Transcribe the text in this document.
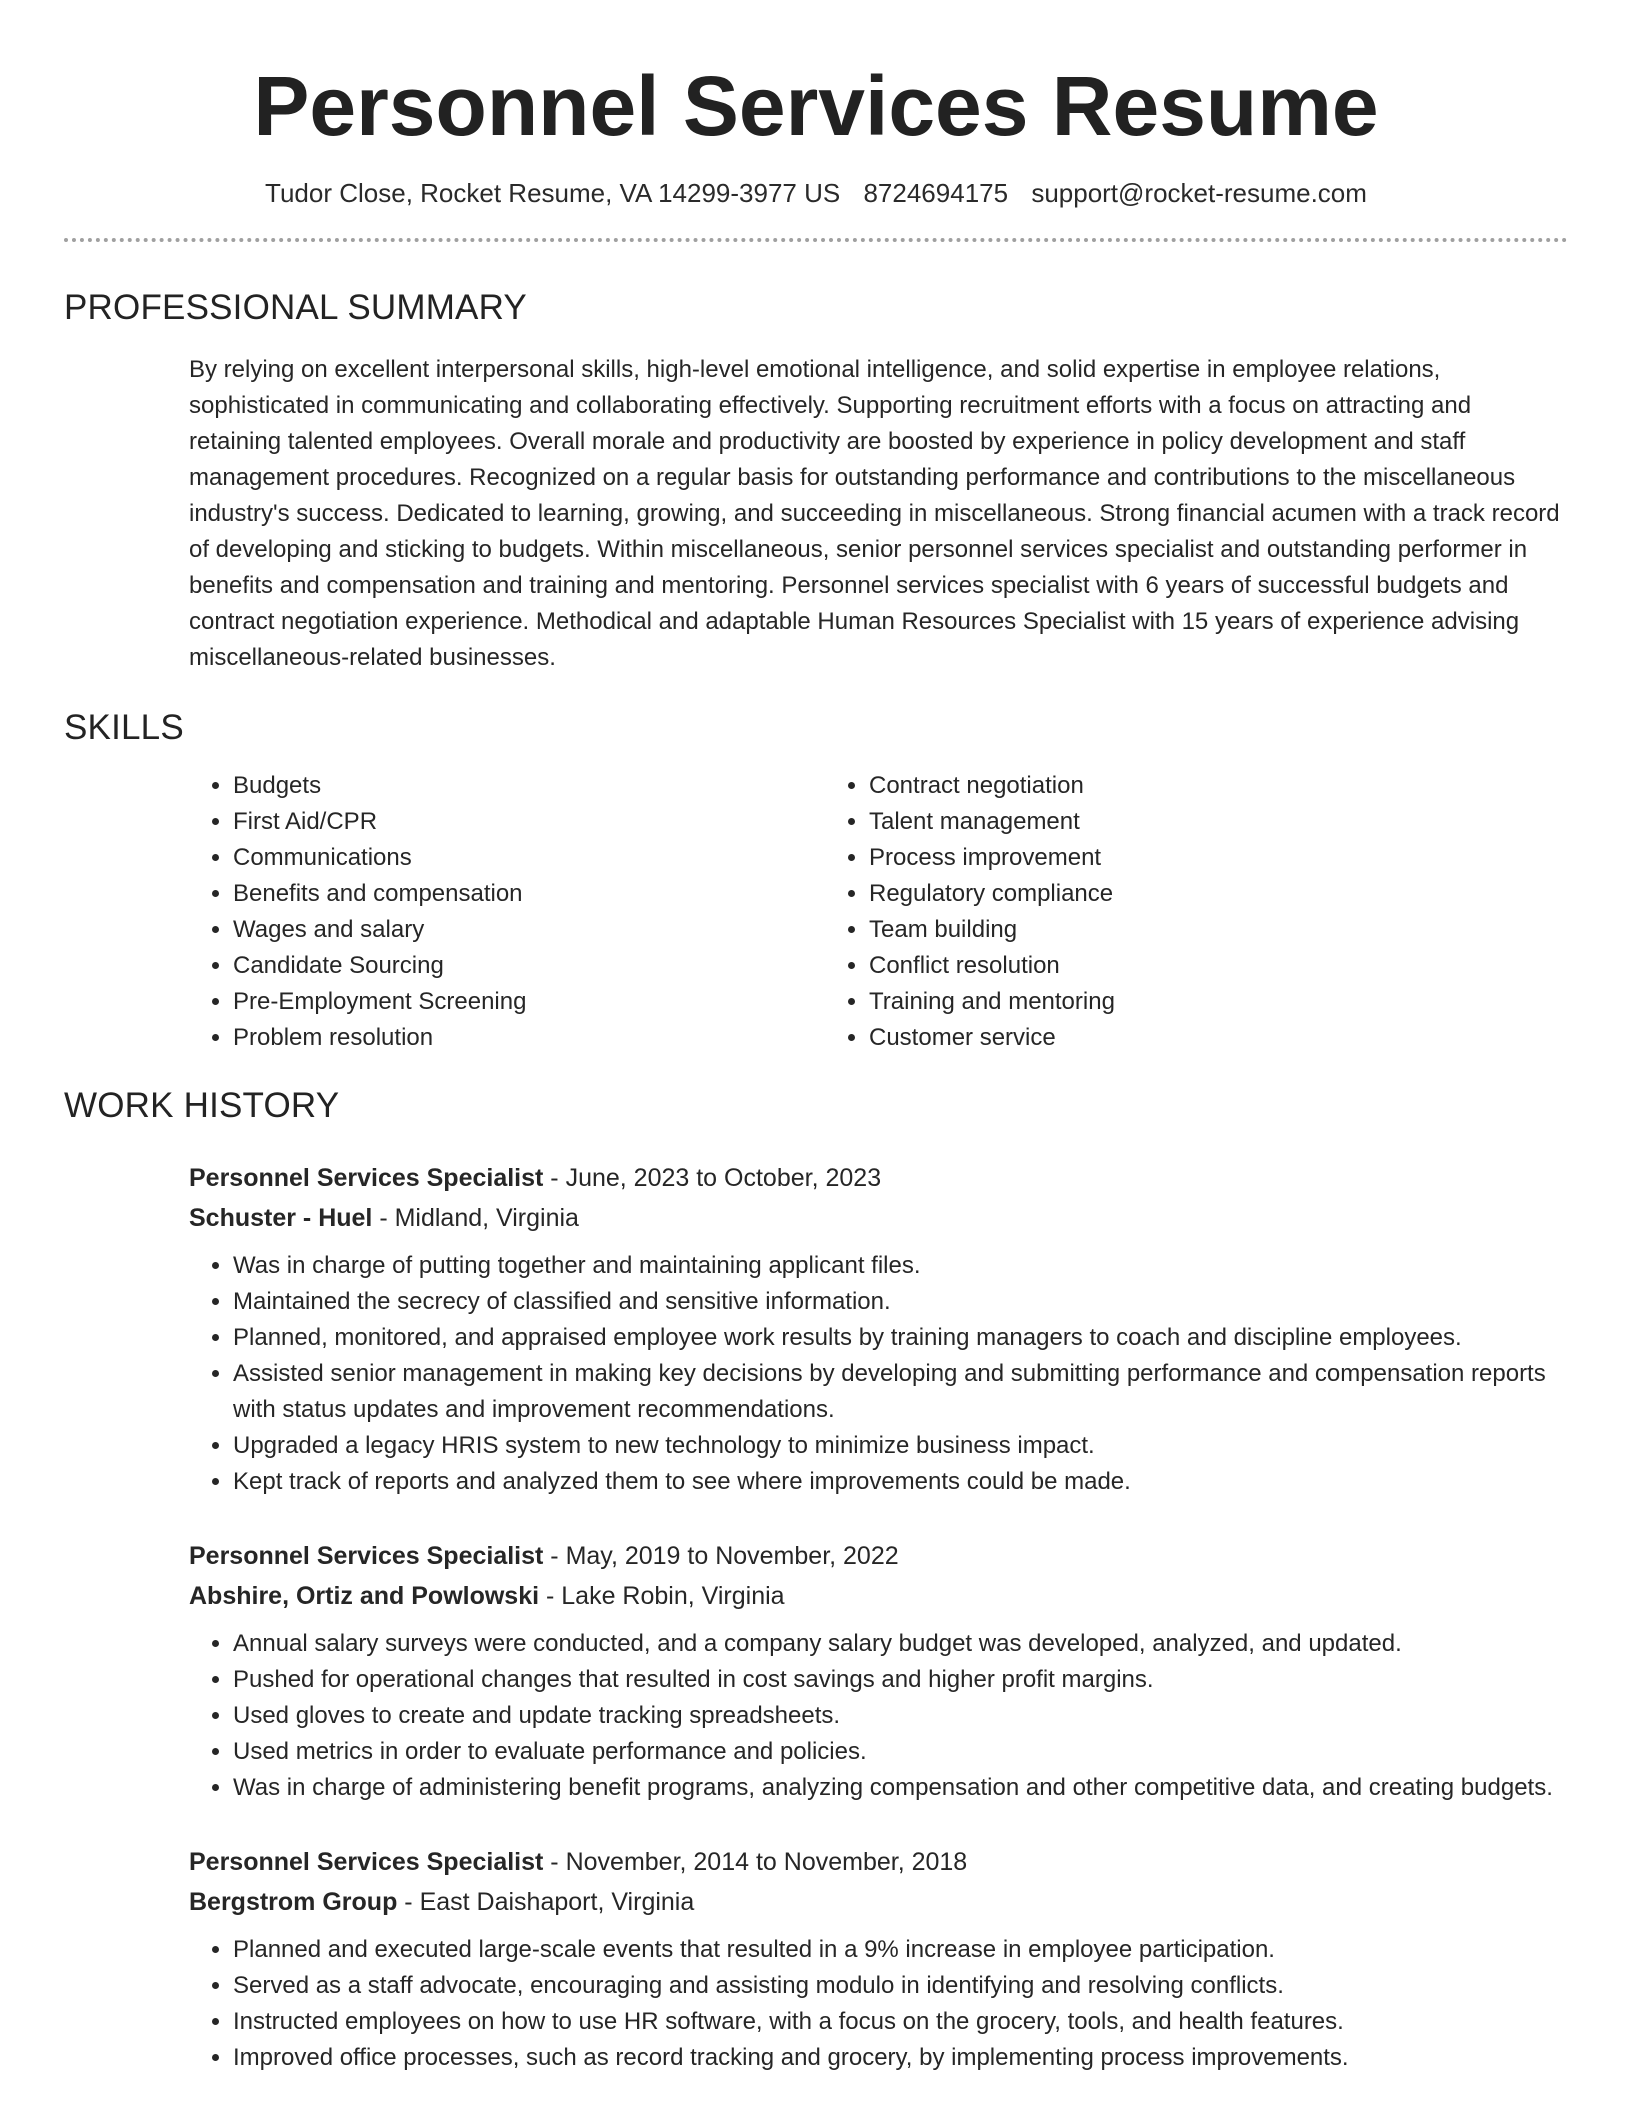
Personnel Services Resume
Tudor Close, Rocket Resume, VA 14299-3977 US 8724694175 support@rocket-resume.com
PROFESSIONAL SUMMARY
By relying on excellent interpersonal skills, high-level emotional intelligence, and solid expertise in employee relations, sophisticated in communicating and collaborating effectively. Supporting recruitment efforts with a focus on attracting and retaining talented employees. Overall morale and productivity are boosted by experience in policy development and staff management procedures. Recognized on a regular basis for outstanding performance and contributions to the miscellaneous industry's success. Dedicated to learning, growing, and succeeding in miscellaneous. Strong financial acumen with a track record of developing and sticking to budgets. Within miscellaneous, senior personnel services specialist and outstanding performer in benefits and compensation and training and mentoring. Personnel services specialist with 6 years of successful budgets and contract negotiation experience. Methodical and adaptable Human Resources Specialist with 15 years of experience advising miscellaneous-related businesses.
SKILLS
• Budgets
• First Aid/CPR
• Communications
• Benefits and compensation
• Wages and salary
• Candidate Sourcing
• Pre-Employment Screening
• Problem resolution
• Contract negotiation
• Talent management
• Process improvement
• Regulatory compliance
• Team building
• Conflict resolution
• Training and mentoring
• Customer service
WORK HISTORY
Personnel Services Specialist - June, 2023 to October, 2023
Schuster - Huel - Midland, Virginia
• Was in charge of putting together and maintaining applicant files.
• Maintained the secrecy of classified and sensitive information.
• Planned, monitored, and appraised employee work results by training managers to coach and discipline employees.
• Assisted senior management in making key decisions by developing and submitting performance and compensation reports with status updates and improvement recommendations.
• Upgraded a legacy HRIS system to new technology to minimize business impact.
• Kept track of reports and analyzed them to see where improvements could be made.
Personnel Services Specialist - May, 2019 to November, 2022
Abshire, Ortiz and Powlowski - Lake Robin, Virginia
• Annual salary surveys were conducted, and a company salary budget was developed, analyzed, and updated.
• Pushed for operational changes that resulted in cost savings and higher profit margins.
• Used gloves to create and update tracking spreadsheets.
• Used metrics in order to evaluate performance and policies.
• Was in charge of administering benefit programs, analyzing compensation and other competitive data, and creating budgets.
Personnel Services Specialist - November, 2014 to November, 2018
Bergstrom Group - East Daishaport, Virginia
• Planned and executed large-scale events that resulted in a 9% increase in employee participation.
• Served as a staff advocate, encouraging and assisting modulo in identifying and resolving conflicts.
• Instructed employees on how to use HR software, with a focus on the grocery, tools, and health features.
• Improved office processes, such as record tracking and grocery, by implementing process improvements.
